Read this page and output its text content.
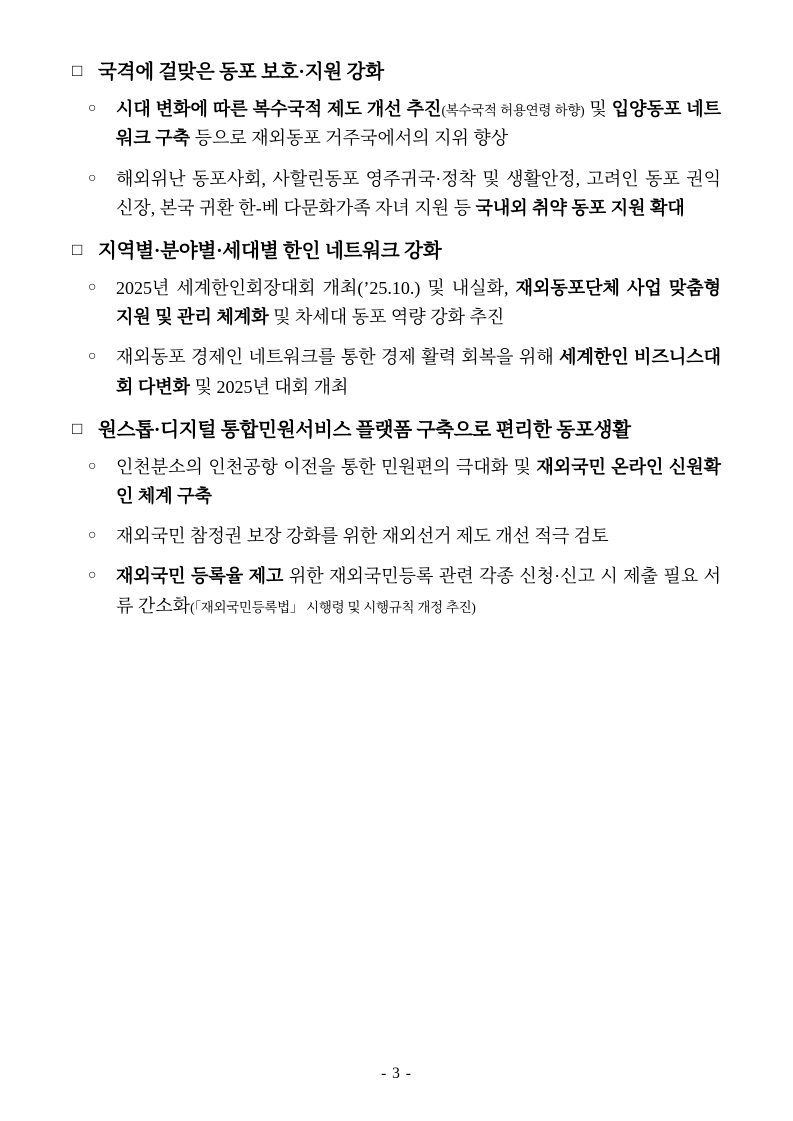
□ 국격에 걸맞은 동포 보호·지원 강화
○	시대 변화에 따른 복수국적 제도 개선 추진(복수국적 허용연령 하향) 및 입양동포 네트워크 구축 등으로 재외동포 거주국에서의 지위 향상
○	해외위난 동포사회, 사할린동포 영주귀국·정착 및 생활안정, 고려인 동포 권익신장, 본국 귀환 한-베 다문화가족 자녀 지원 등 국내외 취약 동포 지원 확대
□ 지역별·분야별·세대별 한인 네트워크 강화
○	2025년 세계한인회장대회 개최(’25.10.) 및 내실화, 재외동포단체 사업 맞춤형 지원 및 관리 체계화 및 차세대 동포 역량 강화 추진
○	재외동포 경제인 네트워크를 통한 경제 활력 회복을 위해 세계한인 비즈니스대회 다변화 및 2025년 대회 개최
□ 원스톱·디지털 통합민원서비스 플랫폼 구축으로 편리한 동포생활
○	인천분소의 인천공항 이전을 통한 민원편의 극대화 및 재외국민 온라인 신원확인 체계 구축
○	재외국민 참정권 보장 강화를 위한 재외선거 제도 개선 적극 검토
○	재외국민 등록율 제고 위한 재외국민등록 관련 각종 신청·신고 시 제출 필요 서류 간소화(「재외국민등록법」 시행령 및 시행규칙 개정 추진)
- 3 -
